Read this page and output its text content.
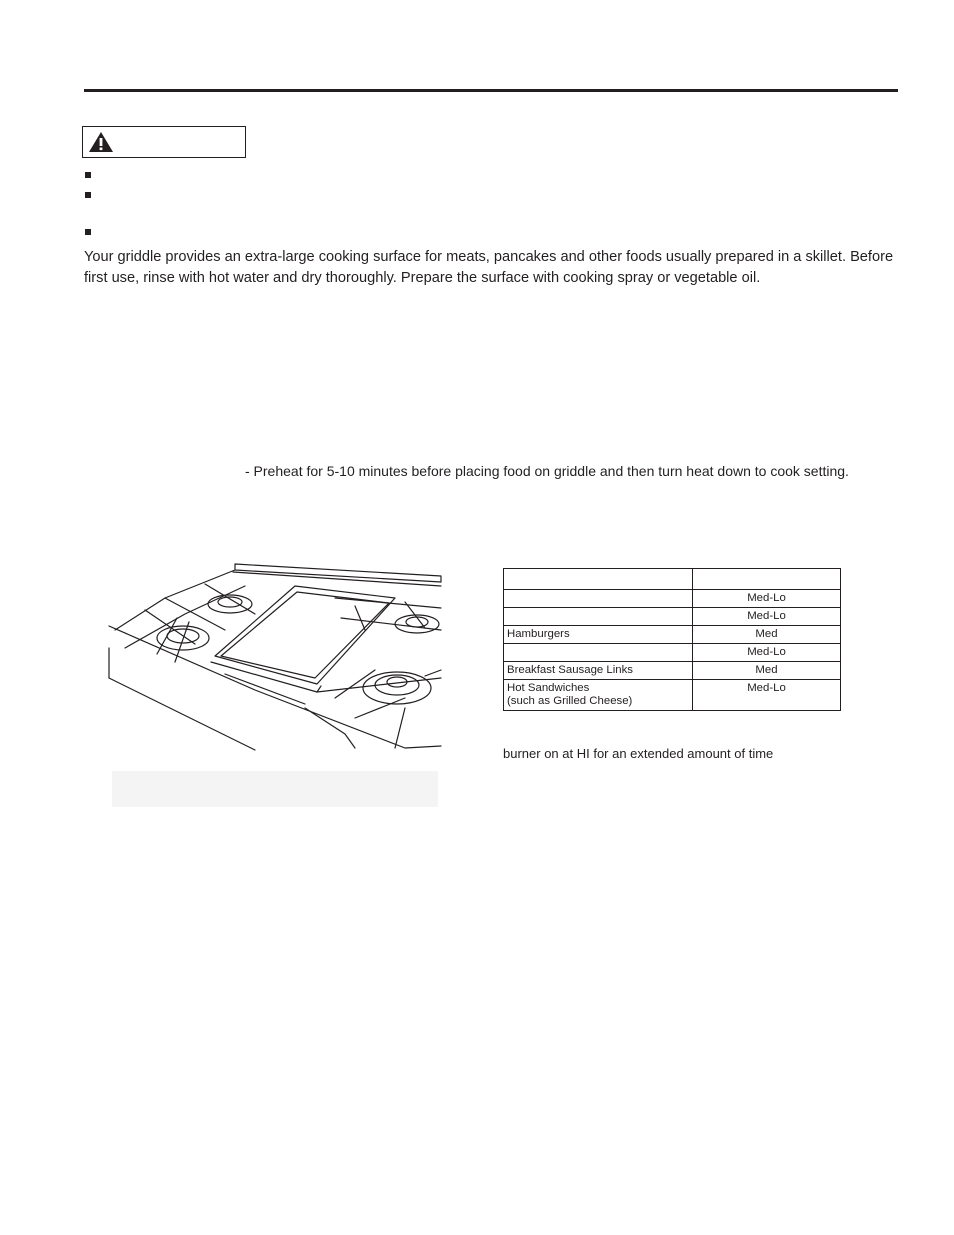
Your griddle provides an extra-large cooking surface for meats, pancakes and other foods usually prepared in a skillet. Before first use, rinse with hot water and dry thoroughly. Prepare the surface with cooking spray or vegetable oil.

- Preheat for 5-10 minutes before placing food on griddle and then turn heat down to cook setting.

	Med-Lo
	Med-Lo
Hamburgers	Med
	Med-Lo
Breakfast Sausage Links	Med

Hot Sandwiches
(such as Grilled Cheese)	Med-Lo

burner on at HI for an extended amount of time
